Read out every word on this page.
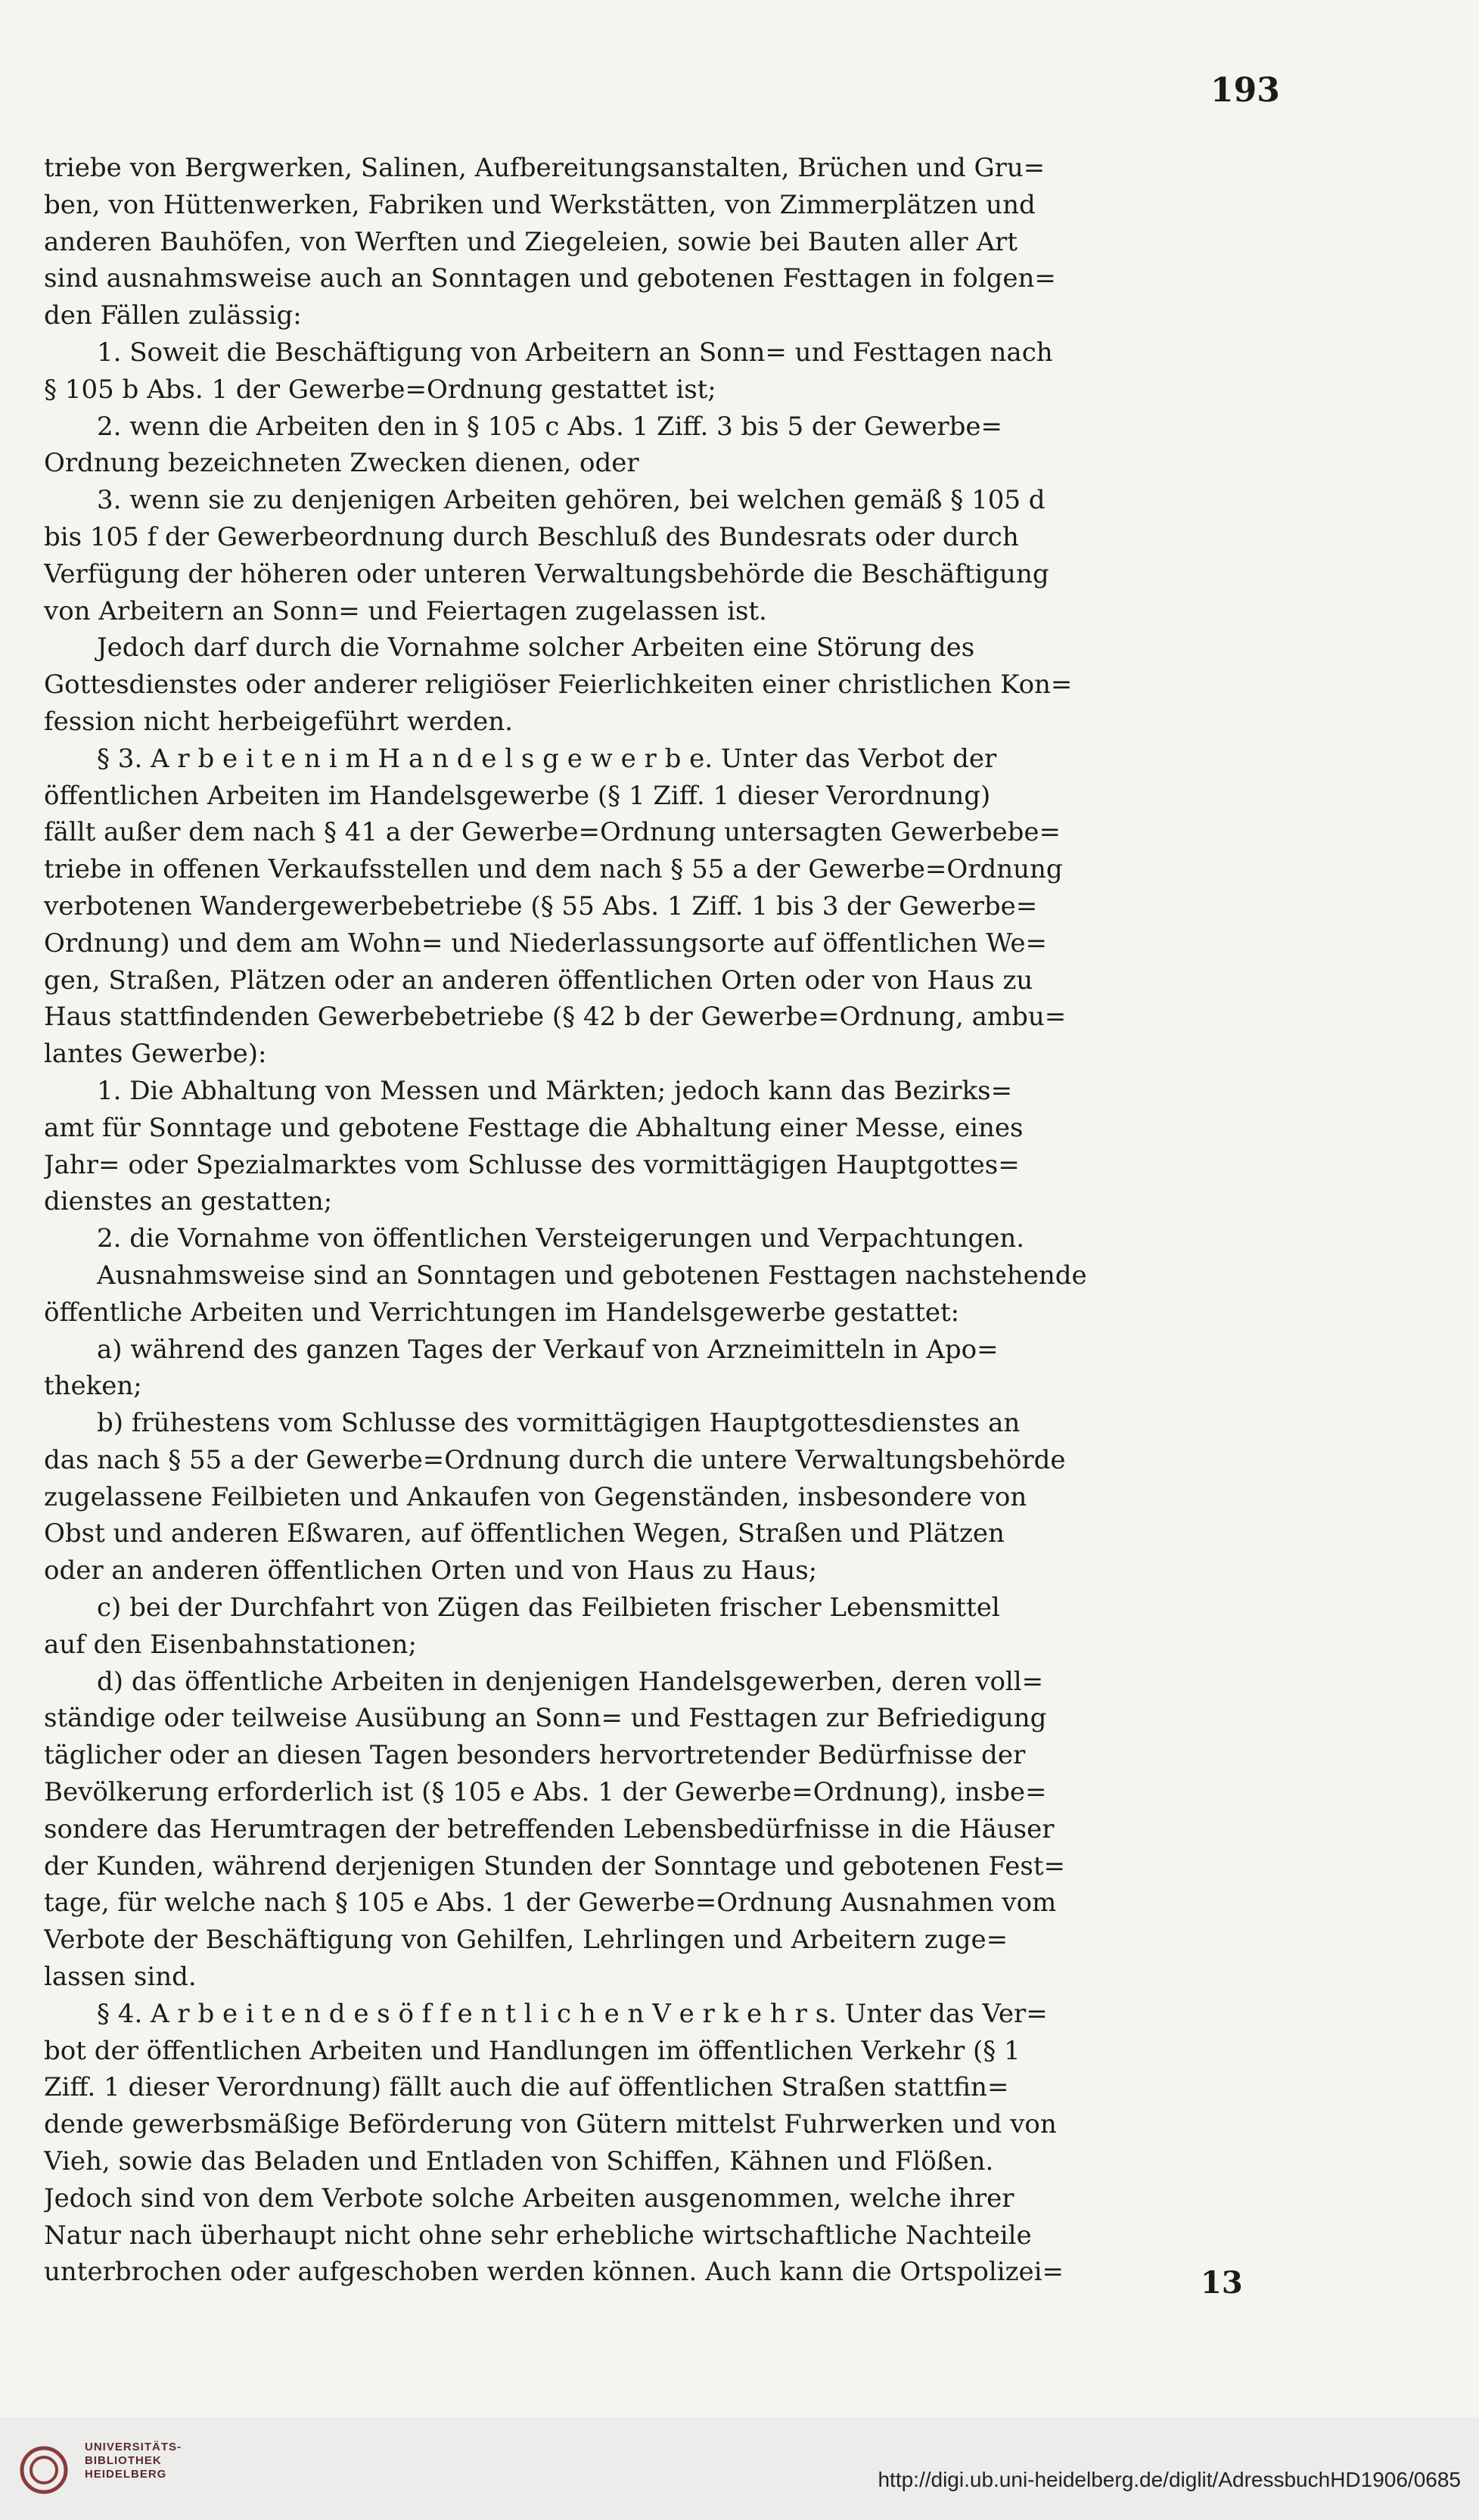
193
triebe von Bergwerken, Salinen, Aufbereitungsanstalten, Brüchen und Gru=
ben, von Hüttenwerken, Fabriken und Werkstätten, von Zimmerplätzen und
anderen Bauhöfen, von Werften und Ziegeleien, sowie bei Bauten aller Art
sind ausnahmsweise auch an Sonntagen und gebotenen Festtagen in folgen=
den Fällen zulässig:
1. Soweit die Beschäftigung von Arbeitern an Sonn= und Festtagen nach
§ 105 b Abs. 1 der Gewerbe=Ordnung gestattet ist;
2. wenn die Arbeiten den in § 105 c Abs. 1 Ziff. 3 bis 5 der Gewerbe=
Ordnung bezeichneten Zwecken dienen, oder
3. wenn sie zu denjenigen Arbeiten gehören, bei welchen gemäß § 105 d
bis 105 f der Gewerbeordnung durch Beschluß des Bundesrats oder durch
Verfügung der höheren oder unteren Verwaltungsbehörde die Beschäftigung
von Arbeitern an Sonn= und Feiertagen zugelassen ist.
Jedoch darf durch die Vornahme solcher Arbeiten eine Störung des
Gottesdienstes oder anderer religiöser Feierlichkeiten einer christlichen Kon=
fession nicht herbeigeführt werden.
§ 3. A r b e i t e n i m H a n d e l s g e w e r b e. Unter das Verbot der
öffentlichen Arbeiten im Handelsgewerbe (§ 1 Ziff. 1 dieser Verordnung)
fällt außer dem nach § 41 a der Gewerbe=Ordnung untersagten Gewerbebe=
triebe in offenen Verkaufsstellen und dem nach § 55 a der Gewerbe=Ordnung
verbotenen Wandergewerbebetriebe (§ 55 Abs. 1 Ziff. 1 bis 3 der Gewerbe=
Ordnung) und dem am Wohn= und Niederlassungsorte auf öffentlichen We=
gen, Straßen, Plätzen oder an anderen öffentlichen Orten oder von Haus zu
Haus stattfindenden Gewerbebetriebe (§ 42 b der Gewerbe=Ordnung, ambu=
lantes Gewerbe):
1. Die Abhaltung von Messen und Märkten; jedoch kann das Bezirks=
amt für Sonntage und gebotene Festtage die Abhaltung einer Messe, eines
Jahr= oder Spezialmarktes vom Schlusse des vormittägigen Hauptgottes=
dienstes an gestatten;
2. die Vornahme von öffentlichen Versteigerungen und Verpachtungen.
Ausnahmsweise sind an Sonntagen und gebotenen Festtagen nachstehende
öffentliche Arbeiten und Verrichtungen im Handelsgewerbe gestattet:
a) während des ganzen Tages der Verkauf von Arzneimitteln in Apo=
theken;
b) frühestens vom Schlusse des vormittägigen Hauptgottesdienstes an
das nach § 55 a der Gewerbe=Ordnung durch die untere Verwaltungsbehörde
zugelassene Feilbieten und Ankaufen von Gegenständen, insbesondere von
Obst und anderen Eßwaren, auf öffentlichen Wegen, Straßen und Plätzen
oder an anderen öffentlichen Orten und von Haus zu Haus;
c) bei der Durchfahrt von Zügen das Feilbieten frischer Lebensmittel
auf den Eisenbahnstationen;
d) das öffentliche Arbeiten in denjenigen Handelsgewerben, deren voll=
ständige oder teilweise Ausübung an Sonn= und Festtagen zur Befriedigung
täglicher oder an diesen Tagen besonders hervortretender Bedürfnisse der
Bevölkerung erforderlich ist (§ 105 e Abs. 1 der Gewerbe=Ordnung), insbe=
sondere das Herumtragen der betreffenden Lebensbedürfnisse in die Häuser
der Kunden, während derjenigen Stunden der Sonntage und gebotenen Fest=
tage, für welche nach § 105 e Abs. 1 der Gewerbe=Ordnung Ausnahmen vom
Verbote der Beschäftigung von Gehilfen, Lehrlingen und Arbeitern zuge=
lassen sind.
§ 4. A r b e i t e n d e s ö f f e n t l i c h e n V e r k e h r s. Unter das Ver=
bot der öffentlichen Arbeiten und Handlungen im öffentlichen Verkehr (§ 1
Ziff. 1 dieser Verordnung) fällt auch die auf öffentlichen Straßen stattfin=
dende gewerbsmäßige Beförderung von Gütern mittelst Fuhrwerken und von
Vieh, sowie das Beladen und Entladen von Schiffen, Kähnen und Flößen.
Jedoch sind von dem Verbote solche Arbeiten ausgenommen, welche ihrer
Natur nach überhaupt nicht ohne sehr erhebliche wirtschaftliche Nachteile
unterbrochen oder aufgeschoben werden können. Auch kann die Ortspolizei=	13
UNIVERSITÄTS-
BIBLIOTHEK
HEIDELBERG	http://digi.ub.uni-heidelberg.de/diglit/AdressbuchHD1906/0685
